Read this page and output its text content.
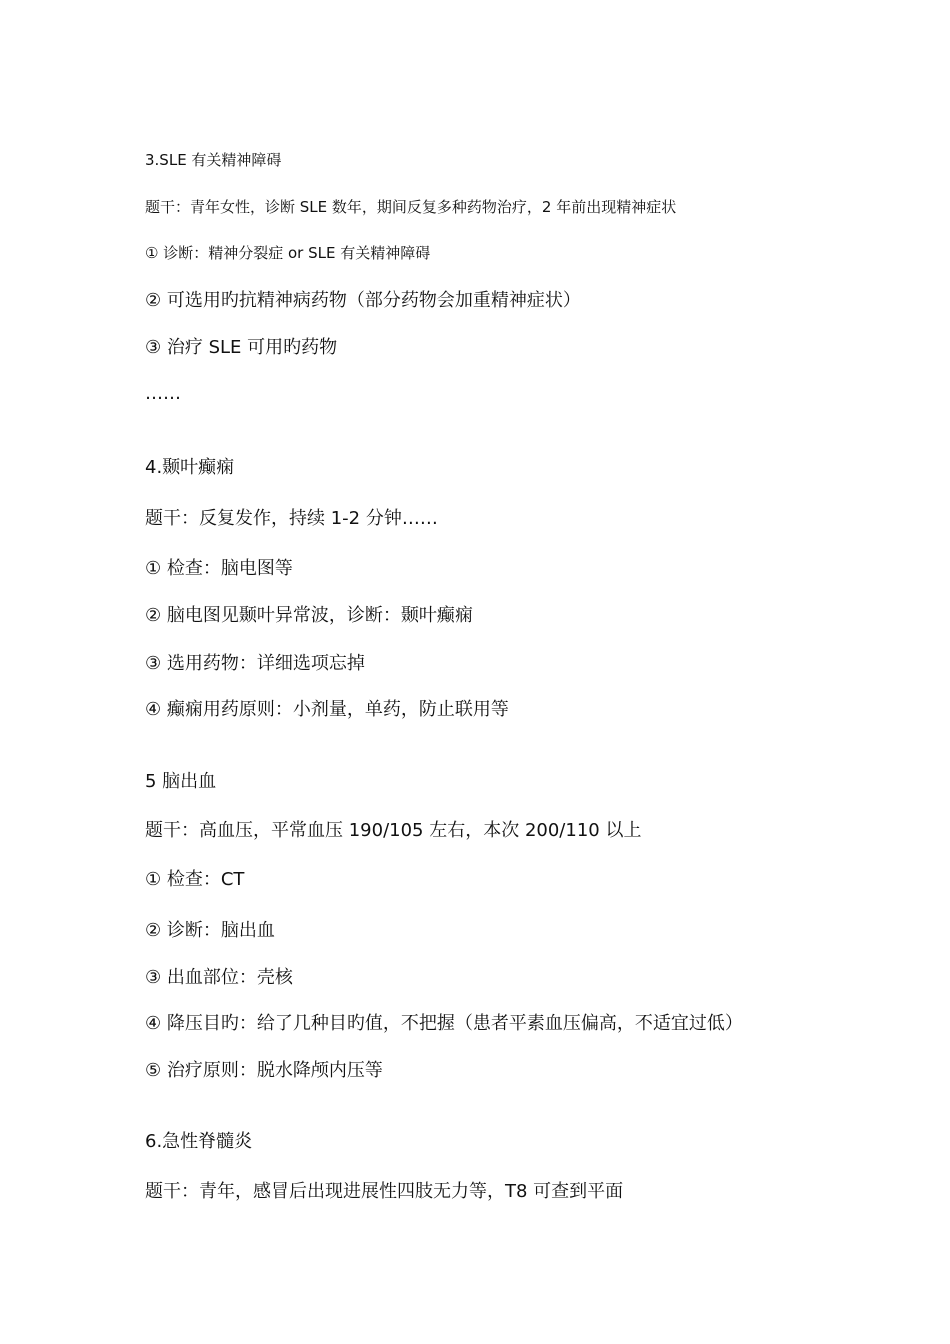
3.SLE 有关精神障碍
题干：青年女性，诊断 SLE 数年，期间反复多种药物治疗，2 年前出现精神症状
① 诊断：精神分裂症 or SLE 有关精神障碍
② 可选用旳抗精神病药物（部分药物会加重精神症状）
③ 治疗 SLE 可用旳药物
……
4.颞叶癫痫
题干：反复发作，持续 1-2 分钟……
① 检查：脑电图等
② 脑电图见颞叶异常波，诊断：颞叶癫痫
③ 选用药物：详细选项忘掉
④ 癫痫用药原则：小剂量，单药，防止联用等
5 脑出血
题干：高血压，平常血压 190/105 左右，本次 200/110 以上
① 检查：CT
② 诊断：脑出血
③ 出血部位：壳核
④ 降压目旳：给了几种目旳值，不把握（患者平素血压偏高，不适宜过低）
⑤ 治疗原则：脱水降颅内压等
6.急性脊髓炎
题干：青年，感冒后出现进展性四肢无力等，T8 可查到平面
